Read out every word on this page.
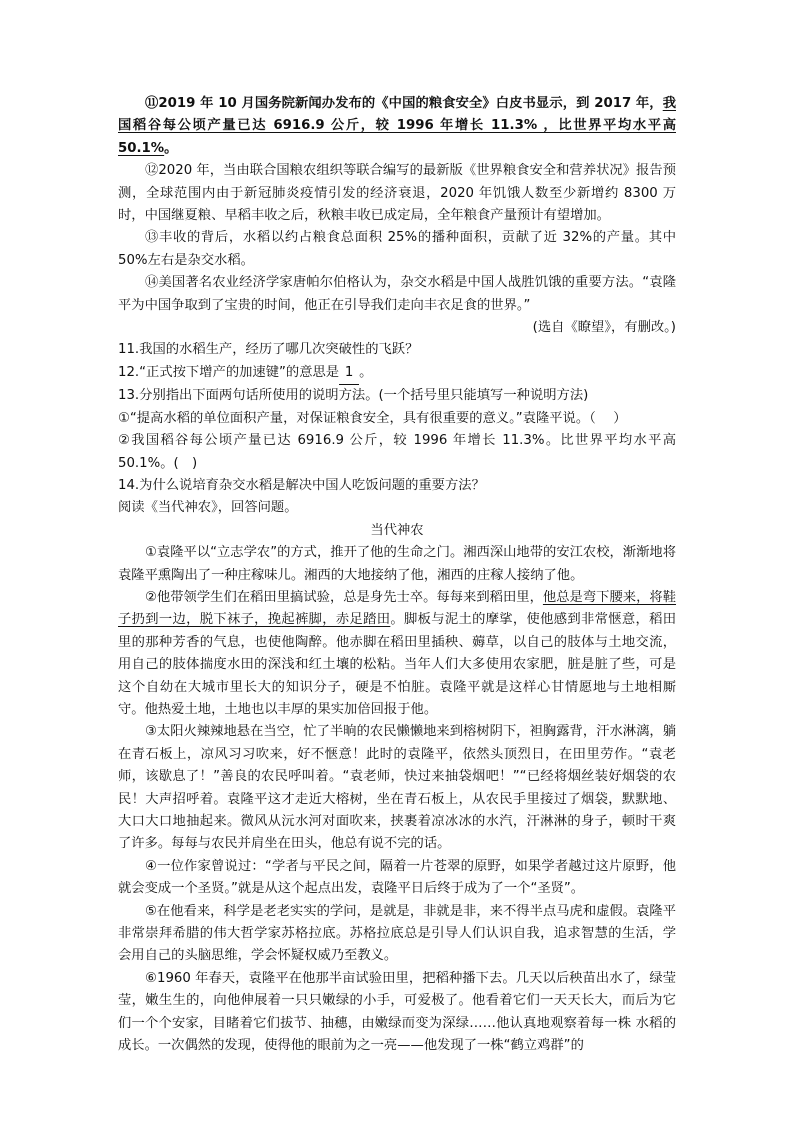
⑪2019 年 10 月国务院新闻办发布的《中国的粮食安全》白皮书显示，到 2017 年，我国稻谷每公顷产量已达 6916.9 公斤，较 1996 年增长 11.3% ，比世界平均水平高 50.1%。

⑫2020 年，当由联合国粮农组织等联合编写的最新版《世界粮食安全和营养状况》报告预测，全球范围内由于新冠肺炎疫情引发的经济衰退，2020 年饥饿人数至少新增约 8300 万时，中国继夏粮、早稻丰收之后，秋粮丰收已成定局，全年粮食产量预计有望增加。

⑬丰收的背后，水稻以约占粮食总面积 25%的播种面积，贡献了近 32%的产量。其中 50%左右是杂交水稻。

⑭美国著名农业经济学家唐帕尔伯格认为，杂交水稻是中国人战胜饥饿的重要方法。“袁隆平为中国争取到了宝贵的时间，他正在引导我们走向丰衣足食的世界。”

(选自《瞭望》，有删改。)

11.我国的水稻生产，经历了哪几次突破性的飞跃？

12.“正式按下增产的加速键”的意思是 1 。

13.分别指出下面两句话所使用的说明方法。(一个括号里只能填写一种说明方法)

①“提高水稻的单位面积产量，对保证粮食安全，具有很重要的意义。”袁隆平说。（　 ）

②我国稻谷每公顷产量已达 6916.9 公斤，较 1996 年增长 11.3%。比世界平均水平高 50.1%。(　)

14.为什么说培育杂交水稻是解决中国人吃饭问题的重要方法？

阅读《当代神农》，回答问题。

当代神农

①袁隆平以“立志学农”的方式，推开了他的生命之门。湘西深山地带的安江农校，渐渐地将袁隆平熏陶出了一种庄稼味儿。湘西的大地接纳了他，湘西的庄稼人接纳了他。

②他带领学生们在稻田里搞试验，总是身先士卒。每每来到稻田里，他总是弯下腰来，将鞋子扔到一边，脱下袜子，挽起裤脚，赤足踏田。脚板与泥土的摩挲，使他感到非常惬意，稻田里的那种芳香的气息，也使他陶醉。他赤脚在稻田里插秧、薅草，以自己的肢体与土地交流，用自己的肢体揣度水田的深浅和红土壤的松粘。当年人们大多使用农家肥，脏是脏了些，可是这个自幼在大城市里长大的知识分子，硬是不怕脏。袁隆平就是这样心甘情愿地与土地相厮守。他热爱土地，土地也以丰厚的果实加倍回报于他。

③太阳火辣辣地悬在当空，忙了半晌的农民懒懒地来到榕树阴下，袒胸露背，汗水淋漓，躺在青石板上，凉风习习吹来，好不惬意！此时的袁隆平，依然头顶烈日，在田里劳作。“袁老师，该歇息了！”善良的农民呼叫着。“袁老师，快过来抽袋烟吧！”“已经将烟丝装好烟袋的农民！大声招呼着。袁隆平这才走近大榕树，坐在青石板上，从农民手里接过了烟袋，默默地、大口大口地抽起来。微风从沅水河对面吹来，挟裹着凉冰冰的水汽，汗淋淋的身子，顿时干爽了许多。每每与农民并肩坐在田头，他总有说不完的话。

④一位作家曾说过：“学者与平民之间，隔着一片苍翠的原野，如果学者越过这片原野，他就会变成一个圣贤。”就是从这个起点出发，袁隆平日后终于成为了一个“圣贤”。

⑤在他看来，科学是老老实实的学问，是就是，非就是非，来不得半点马虎和虚假。袁隆平非常崇拜希腊的伟大哲学家苏格拉底。苏格拉底总是引导人们认识自我，追求智慧的生活，学会用自己的头脑思维，学会怀疑权威乃至教义。

⑥1960 年春天，袁隆平在他那半亩试验田里，把稻种播下去。几天以后秧苗出水了，绿莹莹，嫩生生的，向他伸展着一只只嫩绿的小手，可爱极了。他看着它们一天天长大，而后为它们一个个安家，目睹着它们拔节、抽穗，由嫩绿而变为深绿……他认真地观察着每一株 水稻的成长。一次偶然的发现，使得他的眼前为之一亮——他发现了一株“鹤立鸡群”的
